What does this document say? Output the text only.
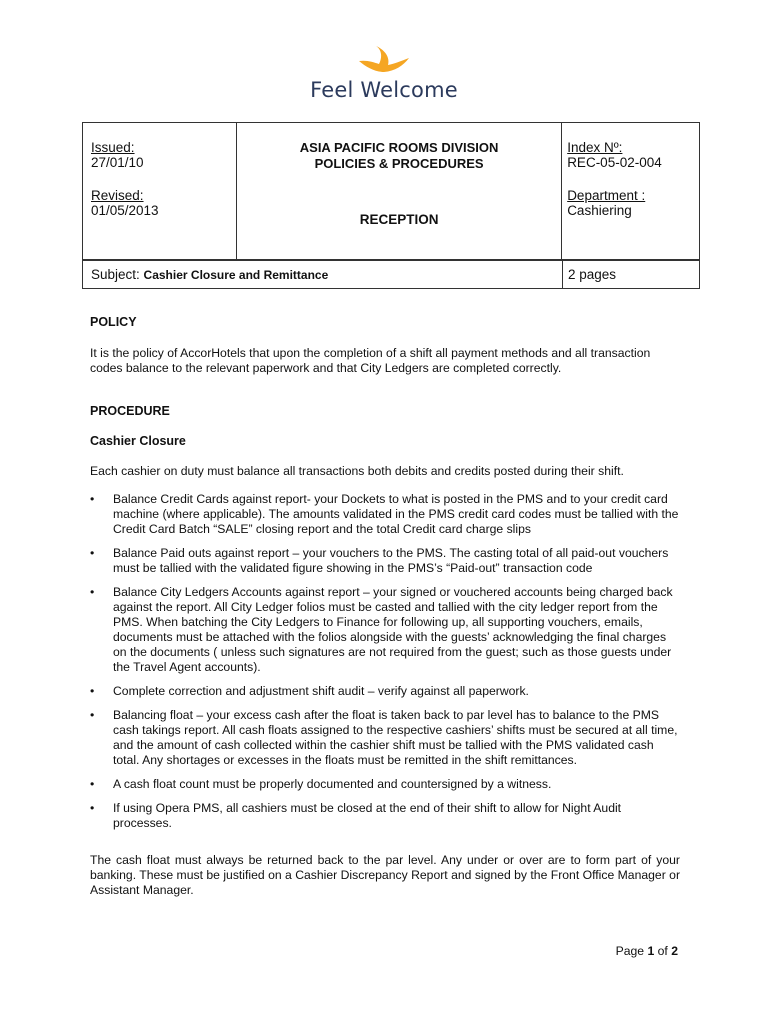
Feel Welcome
Issued:
27/01/10
Revised:
01/05/2013

ASIA PACIFIC ROOMS DIVISION
POLICIES & PROCEDURES
RECEPTION

Index Nº:
REC-05-02-004
Department :
Cashiering
Subject: Cashier Closure and Remittance	2 pages

POLICY

It is the policy of AccorHotels that upon the completion of a shift all payment methods and all transaction codes balance to the relevant paperwork and that City Ledgers are completed correctly.

PROCEDURE

Cashier Closure

Each cashier on duty must balance all transactions both debits and credits posted during their shift.

• Balance Credit Cards against report- your Dockets to what is posted in the PMS and to your credit card machine (where applicable). The amounts validated in the PMS credit card codes must be tallied with the Credit Card Batch “SALE” closing report and the total Credit card charge slips
• Balance Paid outs against report – your vouchers to the PMS. The casting total of all paid-out vouchers must be tallied with the validated figure showing in the PMS’s “Paid-out” transaction code
• Balance City Ledgers Accounts against report – your signed or vouchered accounts being charged back against the report. All City Ledger folios must be casted and tallied with the city ledger report from the PMS. When batching the City Ledgers to Finance for following up, all supporting vouchers, emails, documents must be attached with the folios alongside with the guests’ acknowledging the final charges on the documents ( unless such signatures are not required from the guest; such as those guests under the Travel Agent accounts).
• Complete correction and adjustment shift audit – verify against all paperwork.
• Balancing float – your excess cash after the float is taken back to par level has to balance to the PMS cash takings report. All cash floats assigned to the respective cashiers’ shifts must be secured at all time, and the amount of cash collected within the cashier shift must be tallied with the PMS validated cash total. Any shortages or excesses in the floats must be remitted in the shift remittances.
• A cash float count must be properly documented and countersigned by a witness.
• If using Opera PMS, all cashiers must be closed at the end of their shift to allow for Night Audit processes.

The cash float must always be returned back to the par level. Any under or over are to form part of your banking. These must be justified on a Cashier Discrepancy Report and signed by the Front Office Manager or Assistant Manager.

Page 1 of 2
